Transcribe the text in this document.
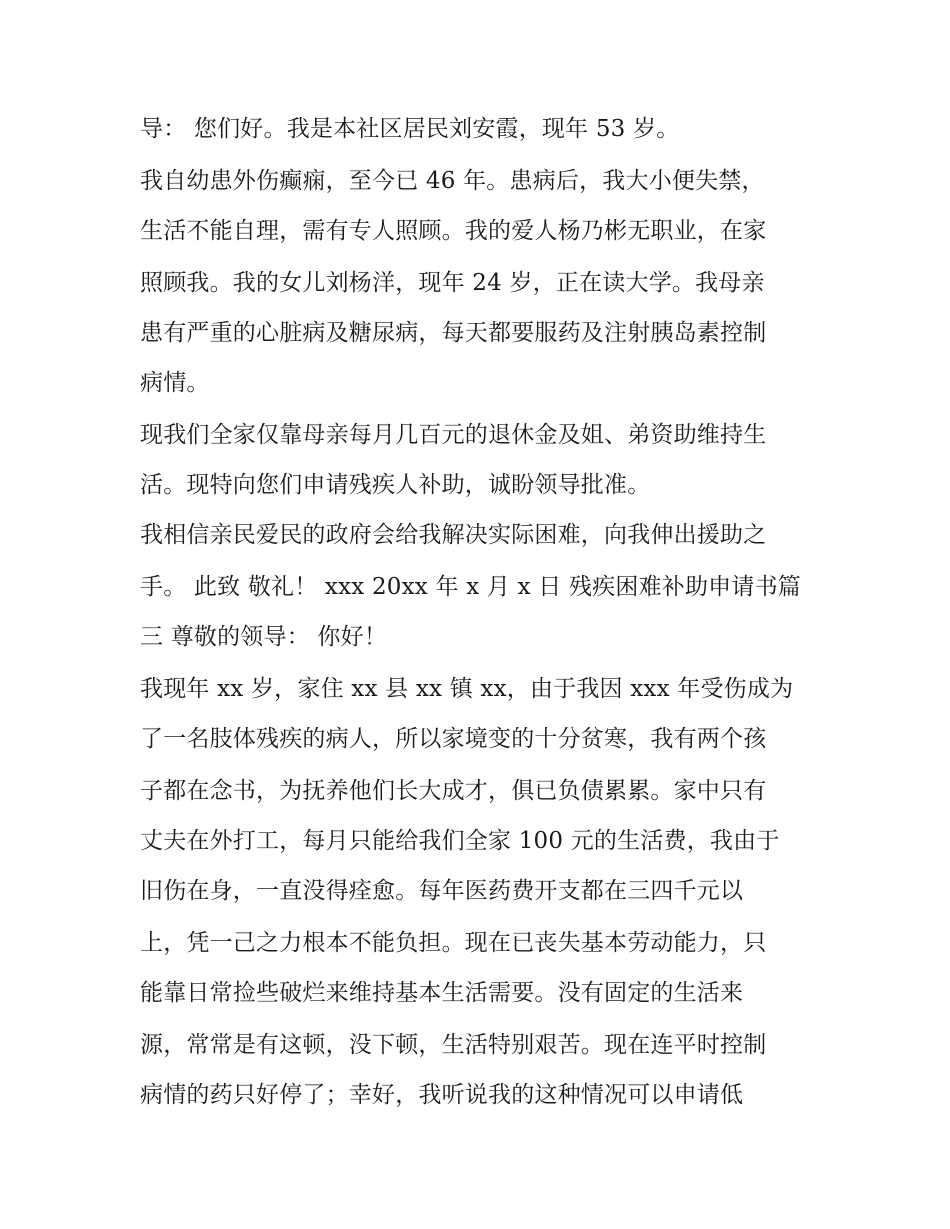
导： 您们好。我是本社区居民刘安霞，现年 53 岁。
我自幼患外伤癫痫，至今已 46 年。患病后，我大小便失禁，
生活不能自理，需有专人照顾。我的爱人杨乃彬无职业，在家
照顾我。我的女儿刘杨洋，现年 24 岁，正在读大学。我母亲
患有严重的心脏病及糖尿病，每天都要服药及注射胰岛素控制
病情。
现我们全家仅靠母亲每月几百元的退休金及姐、弟资助维持生
活。现特向您们申请残疾人补助，诚盼领导批准。
我相信亲民爱民的政府会给我解决实际困难，向我伸出援助之
手。 此致 敬礼！ xxx 20xx 年 x 月 x 日 残疾困难补助申请书篇
三 尊敬的领导： 你好！
我现年 xx 岁，家住 xx 县 xx 镇 xx，由于我因 xxx 年受伤成为
了一名肢体残疾的病人，所以家境变的十分贫寒，我有两个孩
子都在念书，为抚养他们长大成才，俱已负债累累。家中只有
丈夫在外打工，每月只能给我们全家 100 元的生活费，我由于
旧伤在身，一直没得痊愈。每年医药费开支都在三四千元以
上，凭一己之力根本不能负担。现在已丧失基本劳动能力，只
能靠日常捡些破烂来维持基本生活需要。没有固定的生活来
源，常常是有这顿，没下顿，生活特别艰苦。现在连平时控制
病情的药只好停了；幸好，我听说我的这种情况可以申请低
